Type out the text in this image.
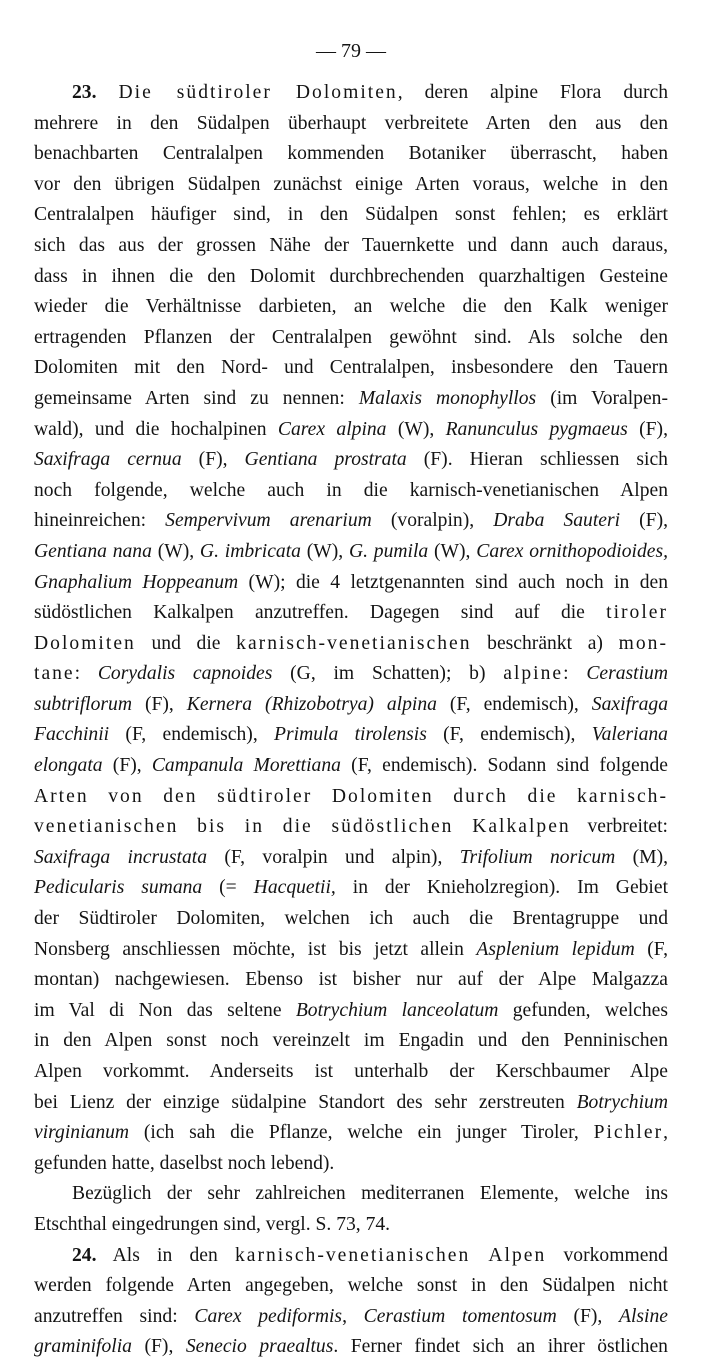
— 79 —
23. Die südtiroler Dolomiten, deren alpine Flora durch
mehrere in den Südalpen überhaupt verbreitete Arten den aus den
benachbarten Centralalpen kommenden Botaniker überrascht, haben
vor den übrigen Südalpen zunächst einige Arten voraus, welche in den
Centralalpen häufiger sind, in den Südalpen sonst fehlen; es erklärt
sich das aus der grossen Nähe der Tauernkette und dann auch daraus,
dass in ihnen die den Dolomit durchbrechenden quarzhaltigen Gesteine
wieder die Verhältnisse darbieten, an welche die den Kalk weniger
ertragenden Pflanzen der Centralalpen gewöhnt sind. Als solche den
Dolomiten mit den Nord- und Centralalpen, insbesondere den Tauern
gemeinsame Arten sind zu nennen: Malaxis monophyllos (im Voralpen-
wald), und die hochalpinen Carex alpina (W), Ranunculus pygmaeus (F),
Saxifraga cernua (F), Gentiana prostrata (F). Hieran schliessen sich
noch folgende, welche auch in die karnisch-venetianischen Alpen
hineinreichen: Sempervivum arenarium (voralpin), Draba Sauteri (F),
Gentiana nana (W), G. imbricata (W), G. pumila (W), Carex ornithopodioides,
Gnaphalium Hoppeanum (W); die 4 letztgenannten sind auch noch in den
südöstlichen Kalkalpen anzutreffen. Dagegen sind auf die tiroler
Dolomiten und die karnisch-venetianischen beschränkt a) mon-
tane: Corydalis capnoides (G, im Schatten); b) alpine: Cerastium
subtriflorum (F), Kernera (Rhizobotrya) alpina (F, endemisch), Saxifraga
Facchinii (F, endemisch), Primula tirolensis (F, endemisch), Valeriana
elongata (F), Campanula Morettiana (F, endemisch). Sodann sind folgende
Arten von den südtiroler Dolomiten durch die karnisch-
venetianischen bis in die südöstlichen Kalkalpen verbreitet:
Saxifraga incrustata (F, voralpin und alpin), Trifolium noricum (M),
Pedicularis sumana (= Hacquetii, in der Knieholzregion). Im Gebiet
der Südtiroler Dolomiten, welchen ich auch die Brentagruppe und
Nonsberg anschliessen möchte, ist bis jetzt allein Asplenium lepidum (F,
montan) nachgewiesen. Ebenso ist bisher nur auf der Alpe Malgazza
im Val di Non das seltene Botrychium lanceolatum gefunden, welches
in den Alpen sonst noch vereinzelt im Engadin und den Penninischen
Alpen vorkommt. Anderseits ist unterhalb der Kerschbaumer Alpe
bei Lienz der einzige südalpine Standort des sehr zerstreuten Botrychium
virginianum (ich sah die Pflanze, welche ein junger Tiroler, Pichler,
gefunden hatte, daselbst noch lebend).
Bezüglich der sehr zahlreichen mediterranen Elemente, welche ins
Etschthal eingedrungen sind, vergl. S. 73, 74.
24. Als in den karnisch-venetianischen Alpen vorkommend
werden folgende Arten angegeben, welche sonst in den Südalpen nicht
anzutreffen sind: Carex pediformis, Cerastium tomentosum (F), Alsine
graminifolia (F), Senecio praealtus. Ferner findet sich an ihrer östlichen
